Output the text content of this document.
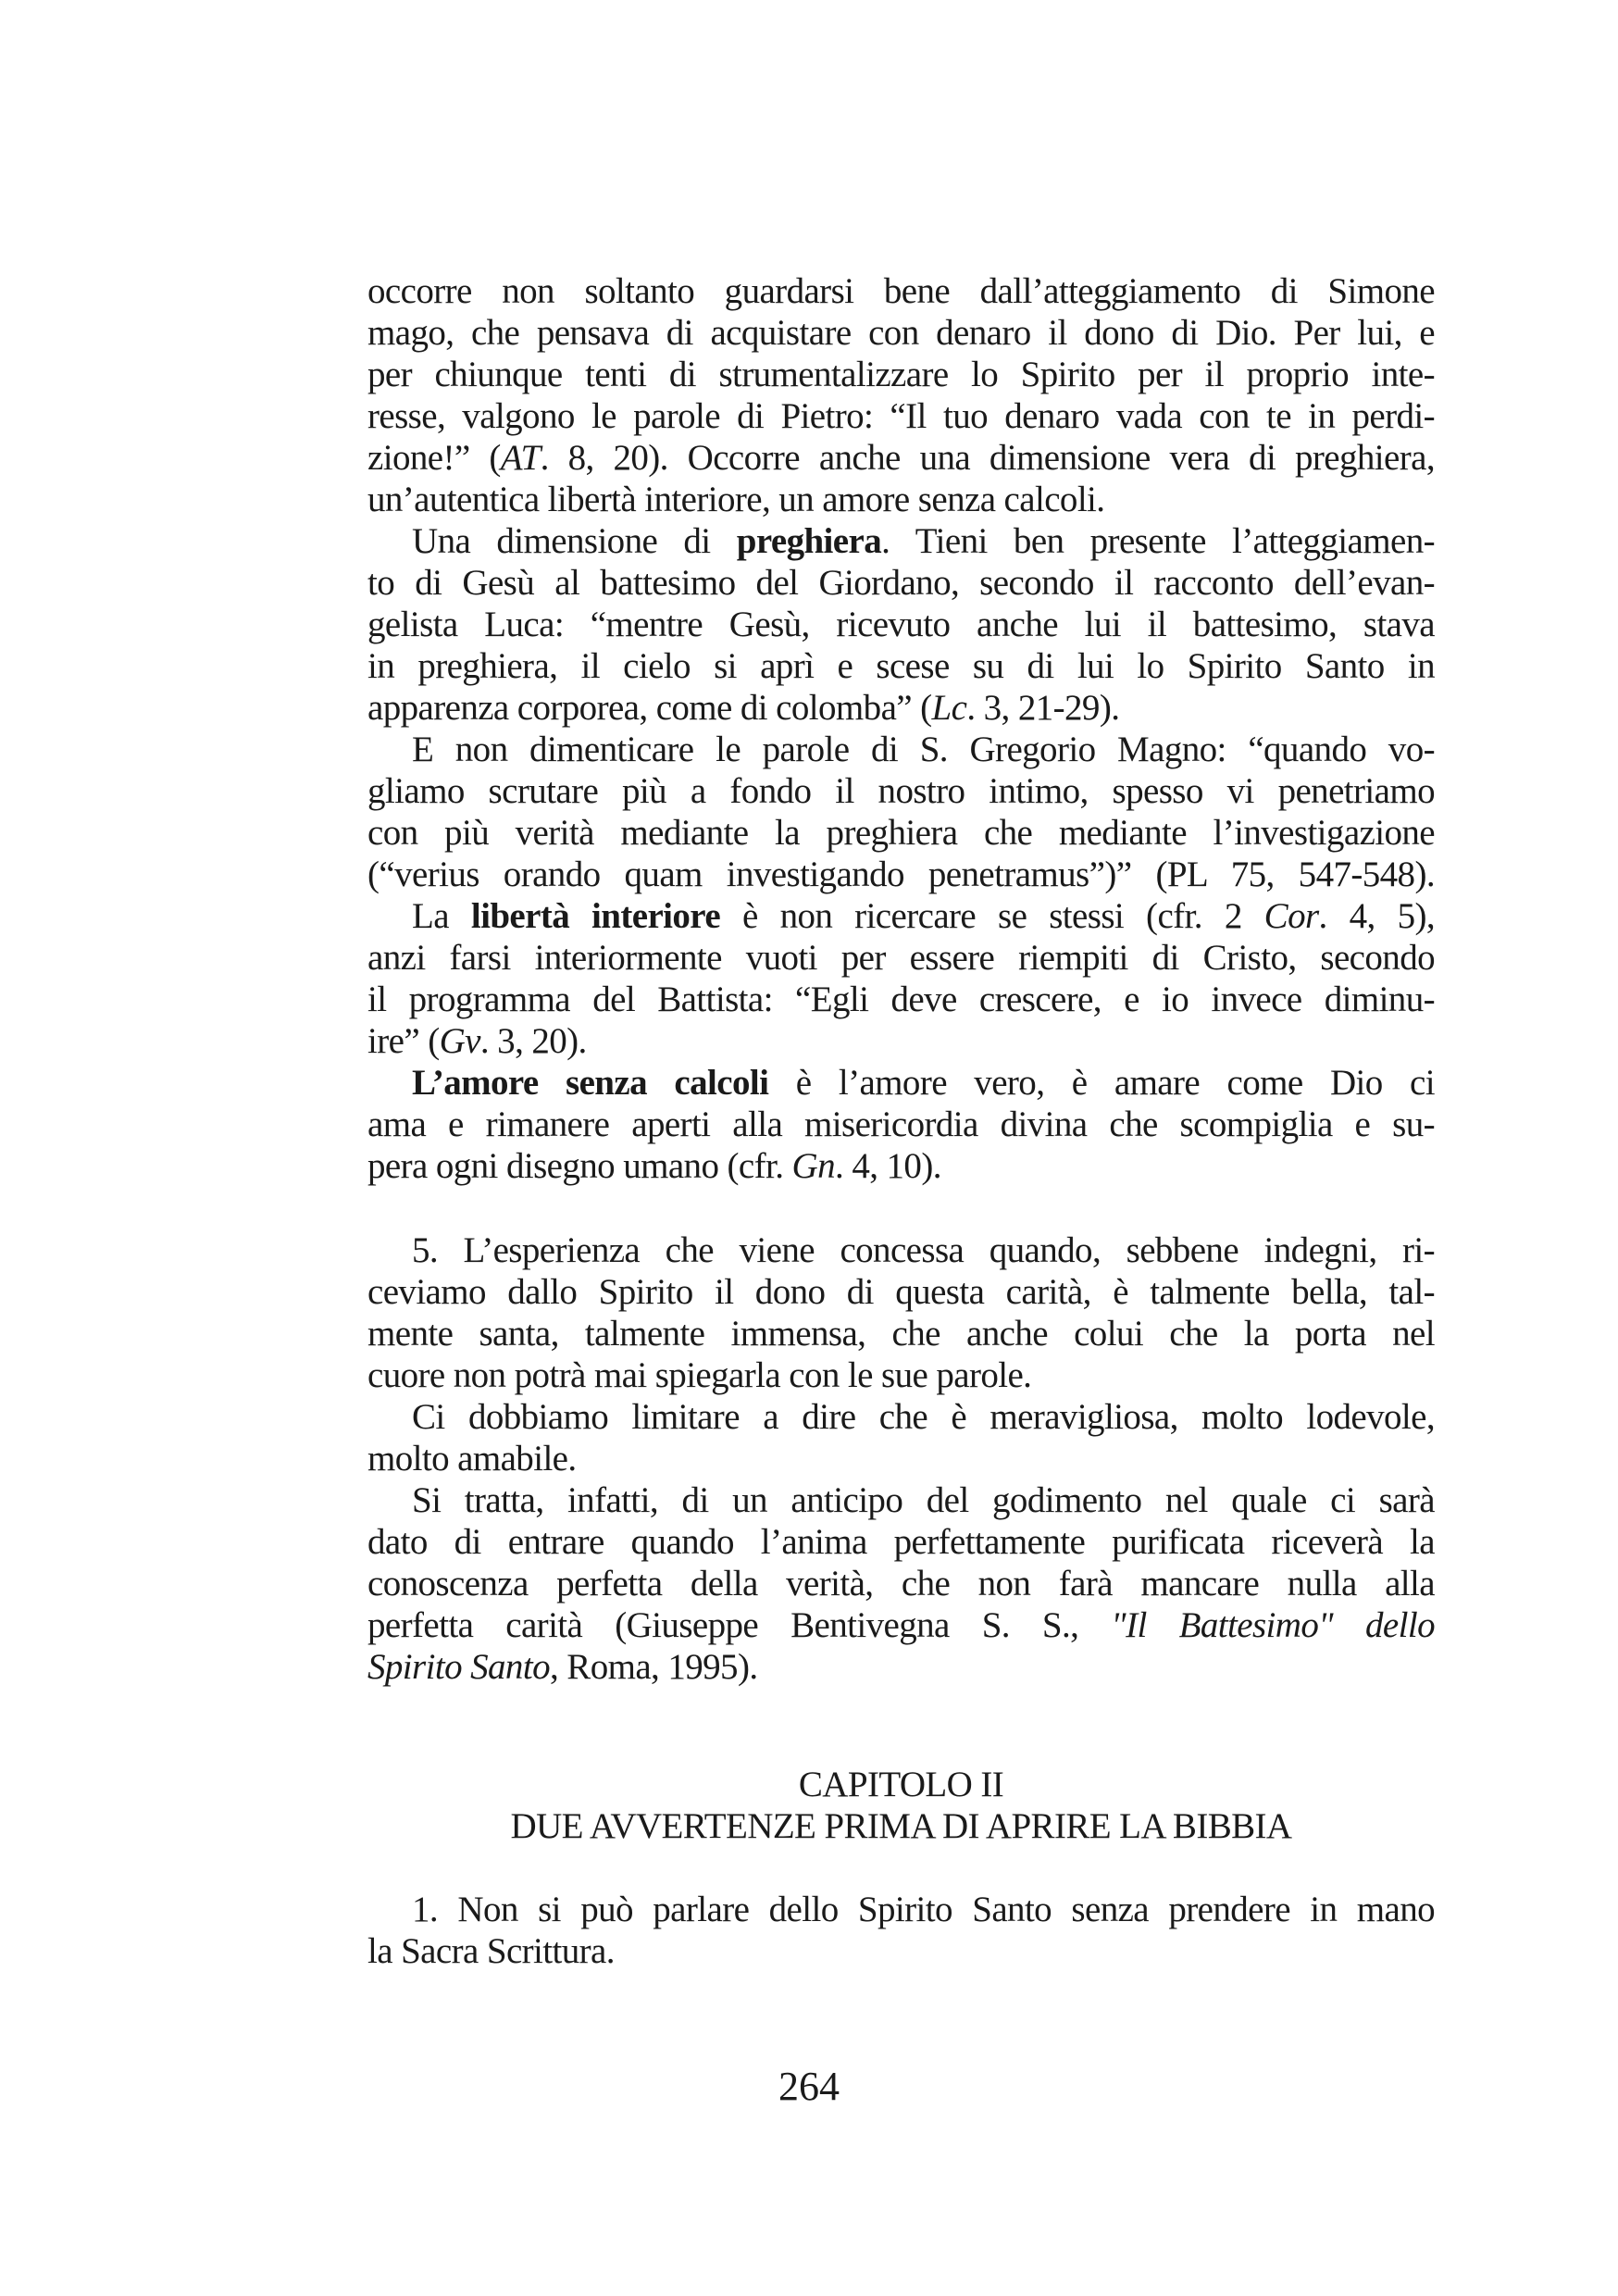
occorre non soltanto guardarsi bene dall’atteggiamento di Simone
mago, che pensava di acquistare con denaro il dono di Dio. Per lui, e
per chiunque tenti di strumentalizzare lo Spirito per il proprio inte-
resse, valgono le parole di Pietro: “Il tuo denaro vada con te in perdi-
zione!” (AT. 8, 20). Occorre anche una dimensione vera di preghiera,
un’autentica libertà interiore, un amore senza calcoli.
Una dimensione di preghiera. Tieni ben presente l’atteggiamen-
to di Gesù al battesimo del Giordano, secondo il racconto dell’evan-
gelista Luca: “mentre Gesù, ricevuto anche lui il battesimo, stava
in preghiera, il cielo si aprì e scese su di lui lo Spirito Santo in
apparenza corporea, come di colomba” (Lc. 3, 21-29).
E non dimenticare le parole di S. Gregorio Magno: “quando vo-
gliamo scrutare più a fondo il nostro intimo, spesso vi penetriamo
con più verità mediante la preghiera che mediante l’investigazione
(“verius orando quam investigando penetramus”)” (PL 75, 547-548).
La libertà interiore è non ricercare se stessi (cfr. 2 Cor. 4, 5),
anzi farsi interiormente vuoti per essere riempiti di Cristo, secondo
il programma del Battista: “Egli deve crescere, e io invece diminu-
ire” (Gv. 3, 20).
L’amore senza calcoli è l’amore vero, è amare come Dio ci
ama e rimanere aperti alla misericordia divina che scompiglia e su-
pera ogni disegno umano (cfr. Gn. 4, 10).
5. L’esperienza che viene concessa quando, sebbene indegni, ri-
ceviamo dallo Spirito il dono di questa carità, è talmente bella, tal-
mente santa, talmente immensa, che anche colui che la porta nel
cuore non potrà mai spiegarla con le sue parole.
Ci dobbiamo limitare a dire che è meravigliosa, molto lodevole,
molto amabile.
Si tratta, infatti, di un anticipo del godimento nel quale ci sarà
dato di entrare quando l’anima perfettamente purificata riceverà la
conoscenza perfetta della verità, che non farà mancare nulla alla
perfetta carità (Giuseppe Bentivegna S. S., "Il Battesimo" dello
Spirito Santo, Roma, 1995).
CAPITOLO II
DUE AVVERTENZE PRIMA DI APRIRE LA BIBBIA
1. Non si può parlare dello Spirito Santo senza prendere in mano
la Sacra Scrittura.
264
